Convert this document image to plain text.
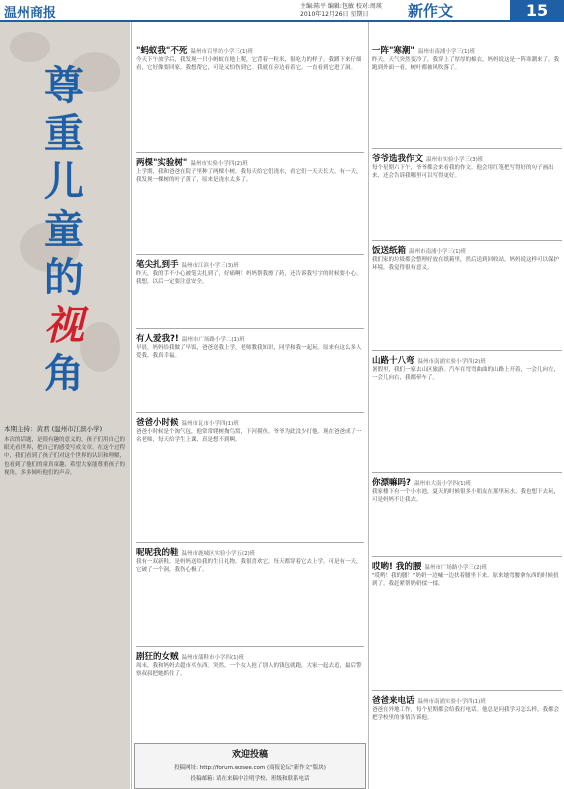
温州商报	主编:陈平 编辑:包敏 校对:周瑛
2010年12月26日 星期日	新作文	15
尊
重
儿
童
的
视
角
本期主持：黄君 (温州市江滨小学)
本次的话题，是很有趣的意义的，孩子们用自己的眼光看世界，把自己的感受写成文章。在这个过程中，我们看到了孩子们对这个世界的认识和理解，也看到了他们的童真童趣，希望大家能尊重孩子的视角，多多倾听他们的声音。
"蚂蚁我"不死 温州市百里坊小学三(1)班
今天下午放学后，我发现一只小蚂蚁在地上爬，它背着一粒米，很吃力的样子。我蹲下来仔细看，它好像要回家。我想帮它，可是又怕伤到它。我就在旁边看着它，一直看到它进了洞。
两棵"实验树" 温州市实验小学四(2)班
上学期，我和爸爸在院子里种了两棵小树，我每天给它们浇水，看它们一天天长大。有一天，我发现一棵树的叶子黄了，原来是浇水太多了。
笔尖扎到手 温州市江滨小学三(3)班
昨天，我的手不小心被笔尖扎到了，好痛啊！妈妈帮我擦了药，还告诉我写字的时候要小心。我想，以后一定要注意安全。
有人爱我?! 温州市广场路小学二(1)班
早晨，妈妈给我做了早饭，爸爸送我上学，老师教我知识，同学和我一起玩。原来有这么多人爱我，我真幸福。
爸爸小时候 温州市瓦市小学四(1)班
爸爸小时候是个淘气包，他常常爬树掏鸟窝，下河摸鱼。爷爷为此没少打他。现在爸爸成了一名老师，每天给学生上课，真是想不到啊。
呢呢我的鞋 温州市鹿城区实验小学五(2)班
我有一双新鞋，是妈妈送给我的生日礼物。我很喜欢它，每天都穿着它去上学。可是有一天，它破了一个洞，我伤心极了。
剧狂的女贼 温州市蒲鞋市小学四(1)班
周末，我和妈妈去超市买东西。突然，一个女人抢了别人的钱包就跑，大家一起去追，最后警察叔叔把她抓住了。
欢迎投稿
投稿网址: http://forum.wzsee.com (商报论坛"新作文"版块)
投稿邮箱: 请在来稿中注明学校、班级和联系电话
一阵"寒潮" 温州市南浦小学三(1)班
昨天，天气突然变冷了，我穿上了厚厚的棉衣。妈妈说这是一阵寒潮来了。我跑到外面一看，树叶都被风吹落了。
爷爷选我作文 温州市实验小学三(3)班
每个星期六下午，爷爷都会来看我的作文。他会用红笔把写得好的句子画出来，还会告诉我哪里可以写得更好。
饭送纸箱 温州市南浦小学三(1)班
我们家的垃圾都会整理好放在纸箱里，然后送到回收站。妈妈说这样可以保护环境，我觉得很有意义。
山路十八弯 温州市南浦实验小学四(2)班
暑假里，我们一家去山区旅游。汽车在弯弯曲曲的山路上开着，一会儿向左，一会儿向右，我都晕车了。
你漂嘛吗? 温州市大南小学四(1)班
我家楼下有一个小水池，夏天的时候很多小朋友在那里玩水。我也想下去玩，可是妈妈不让我去。
哎哟! 我的腰 温州市广场路小学三(2)班
"哎哟！我的腰！"奶奶一边喊一边扶着腰坐下来。原来她弯腰拿东西的时候扭到了。我赶紧帮奶奶揉一揉。
爸爸来电话 温州市南浦实验小学四(1)班
爸爸在外地工作，每个星期都会给我打电话。他总是问我学习怎么样，我都会把学校里的事情告诉他。
